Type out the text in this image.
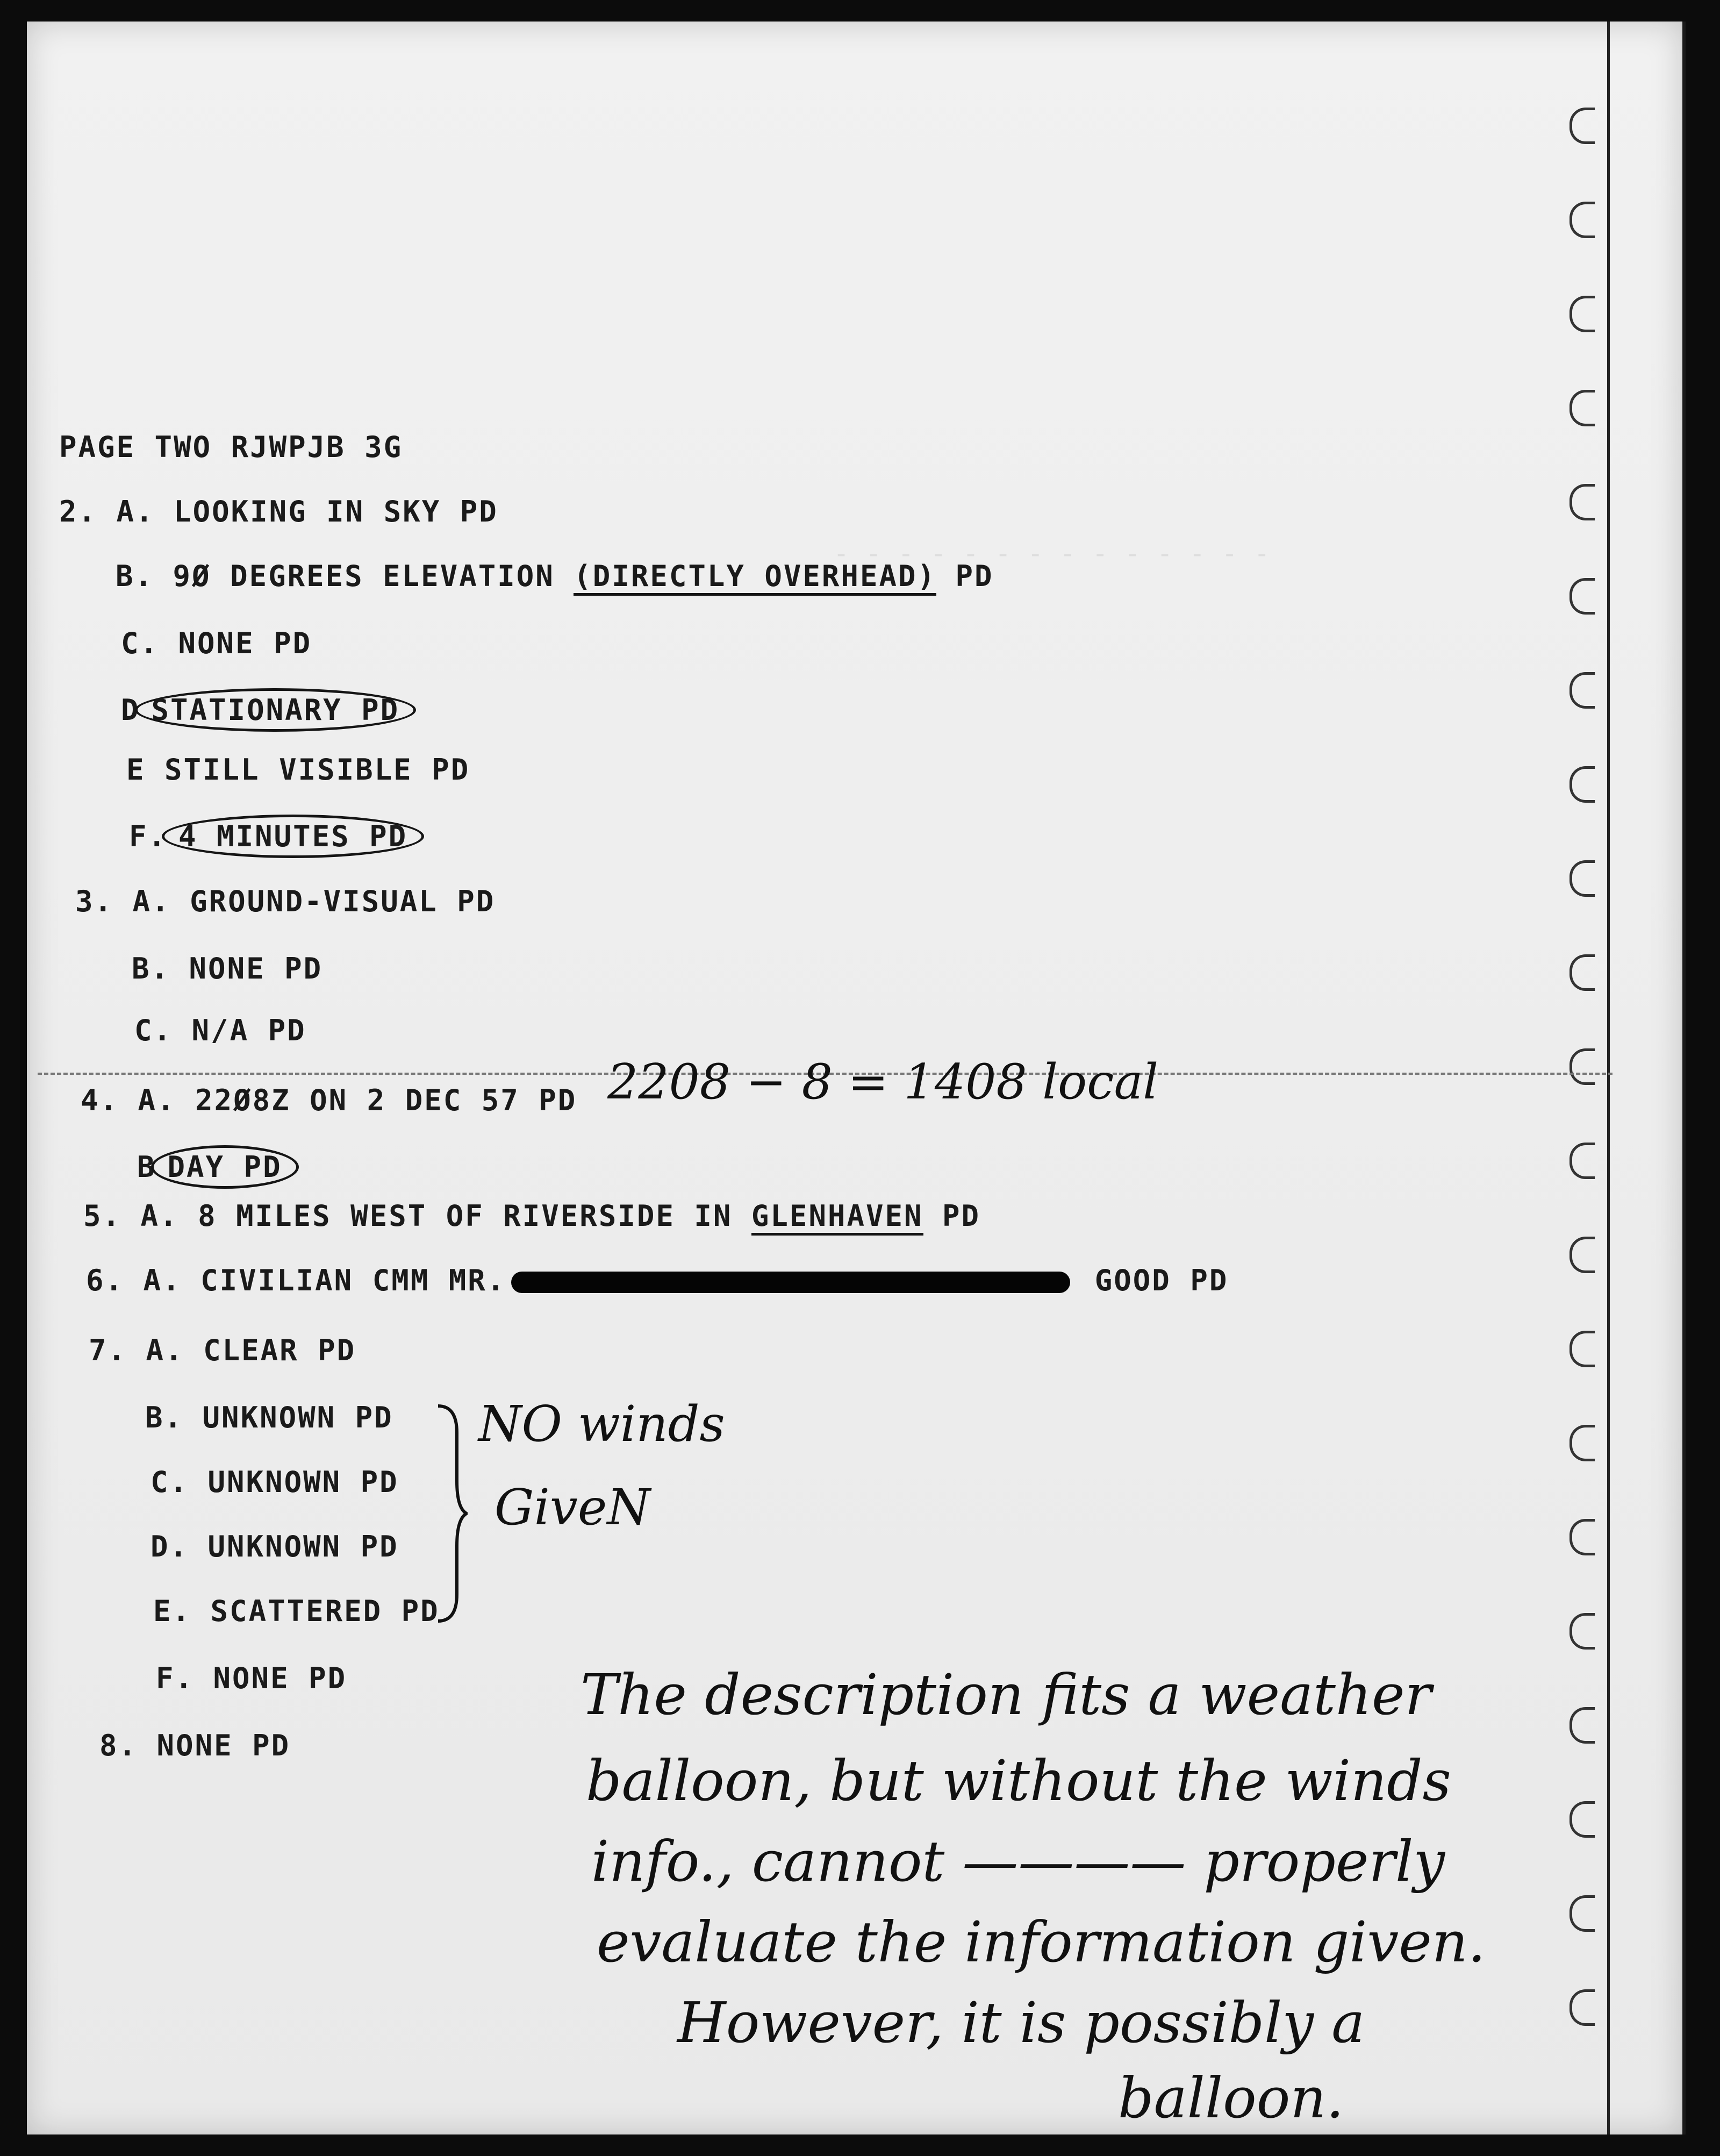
- - - - - - - - - - - - - -
PAGE TWO RJWPJB 3G
2. A. LOOKING IN SKY PD
B. 9Ø DEGREES ELEVATION (DIRECTLY OVERHEAD) PD
C. NONE PD
D STATIONARY PD
E STILL VISIBLE PD
F. 4 MINUTES PD
3. A. GROUND-VISUAL PD
B. NONE PD
C. N/A PD
4. A. 22Ø8Z ON 2 DEC 57 PD
B DAY PD
5. A. 8 MILES WEST OF RIVERSIDE IN GLENHAVEN PD
6. A. CIVILIAN CMM MR.	GOOD PD
7. A. CLEAR PD
B. UNKNOWN PD
C. UNKNOWN PD
D. UNKNOWN PD
E. SCATTERED PD
F. NONE PD
8. NONE PD
2208 − 8 = 1408 local
NO winds
GiveN
The description fits a weather
balloon, but without the winds
info., cannot ———— properly
evaluate the information given.
However, it is possibly a
balloon.
